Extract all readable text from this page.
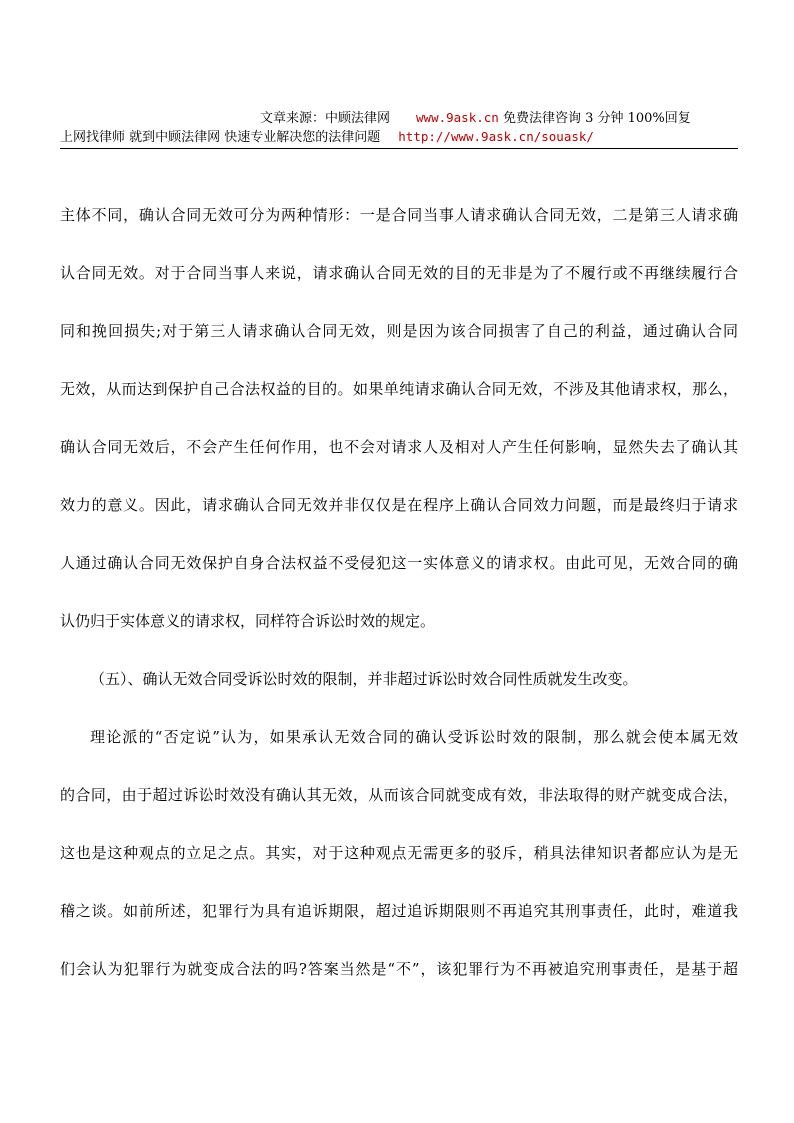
文章来源：中顾法律网 www.9ask.cn 免费法律咨询 3 分钟 100%回复
上网找律师 就到中顾法律网 快速专业解决您的法律问题 http://www.9ask.cn/souask/
主体不同，确认合同无效可分为两种情形：一是合同当事人请求确认合同无效，二是第三人请求确
认合同无效。对于合同当事人来说，请求确认合同无效的目的无非是为了不履行或不再继续履行合
同和挽回损失;对于第三人请求确认合同无效，则是因为该合同损害了自己的利益，通过确认合同
无效，从而达到保护自己合法权益的目的。如果单纯请求确认合同无效，不涉及其他请求权，那么，
确认合同无效后，不会产生任何作用，也不会对请求人及相对人产生任何影响，显然失去了确认其
效力的意义。因此，请求确认合同无效并非仅仅是在程序上确认合同效力问题，而是最终归于请求
人通过确认合同无效保护自身合法权益不受侵犯这一实体意义的请求权。由此可见，无效合同的确
认仍归于实体意义的请求权，同样符合诉讼时效的规定。
（五）、确认无效合同受诉讼时效的限制，并非超过诉讼时效合同性质就发生改变。
理论派的“否定说”认为，如果承认无效合同的确认受诉讼时效的限制，那么就会使本属无效
的合同，由于超过诉讼时效没有确认其无效，从而该合同就变成有效，非法取得的财产就变成合法，
这也是这种观点的立足之点。其实，对于这种观点无需更多的驳斥，稍具法律知识者都应认为是无
稽之谈。如前所述，犯罪行为具有追诉期限，超过追诉期限则不再追究其刑事责任，此时，难道我
们会认为犯罪行为就变成合法的吗?答案当然是“不”，该犯罪行为不再被追究刑事责任，是基于超
